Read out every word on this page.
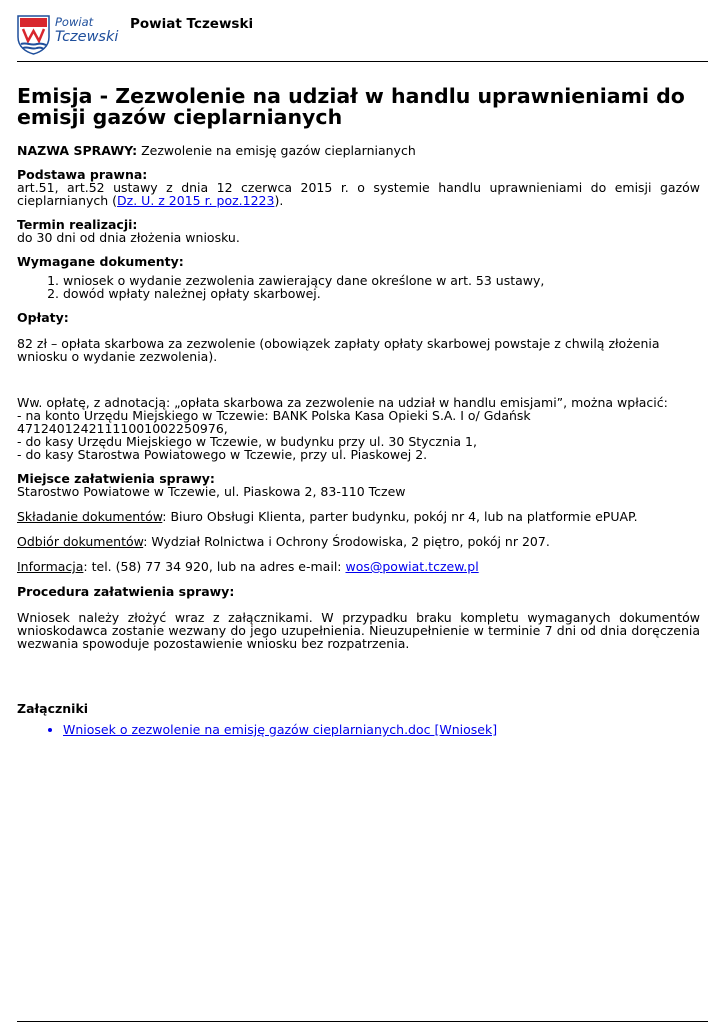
Powiat
Tczewski
Powiat Tczewski
Emisja - Zezwolenie na udział w handlu uprawnieniami do emisji gazów cieplarnianych
NAZWA SPRAWY: Zezwolenie na emisję gazów cieplarnianych
Podstawa prawna:
art.51, art.52 ustawy z dnia 12 czerwca 2015 r. o systemie handlu uprawnieniami do emisji gazów cieplarnianych (Dz. U. z 2015 r. poz.1223).
Termin realizacji:
do 30 dni od dnia złożenia wniosku.
Wymagane dokumenty:
1. wniosek o wydanie zezwolenia zawierający dane określone w art. 53 ustawy,
2. dowód wpłaty należnej opłaty skarbowej.
Opłaty:
82 zł – opłata skarbowa za zezwolenie (obowiązek zapłaty opłaty skarbowej powstaje z chwilą złożenia wniosku o wydanie zezwolenia).
Ww. opłatę, z adnotacją: „opłata skarbowa za zezwolenie na udział w handlu emisjami”, można wpłacić:
- na konto Urzędu Miejskiego w Tczewie: BANK Polska Kasa Opieki S.A. I o/ Gdańsk
47124012421111001002250976,
- do kasy Urzędu Miejskiego w Tczewie, w budynku przy ul. 30 Stycznia 1,
- do kasy Starostwa Powiatowego w Tczewie, przy ul. Piaskowej 2.
Miejsce załatwienia sprawy:
Starostwo Powiatowe w Tczewie, ul. Piaskowa 2, 83-110 Tczew
Składanie dokumentów: Biuro Obsługi Klienta, parter budynku, pokój nr 4, lub na platformie ePUAP.
Odbiór dokumentów: Wydział Rolnictwa i Ochrony Środowiska, 2 piętro, pokój nr 207.
Informacja: tel. (58) 77 34 920, lub na adres e-mail: wos@powiat.tczew.pl
Procedura załatwienia sprawy:
Wniosek należy złożyć wraz z załącznikami. W przypadku braku kompletu wymaganych dokumentów wnioskodawca zostanie wezwany do jego uzupełnienia. Nieuzupełnienie w terminie 7 dni od dnia doręczenia wezwania spowoduje pozostawienie wniosku bez rozpatrzenia.
Załączniki
• Wniosek o zezwolenie na emisję gazów cieplarnianych.doc [Wniosek]
